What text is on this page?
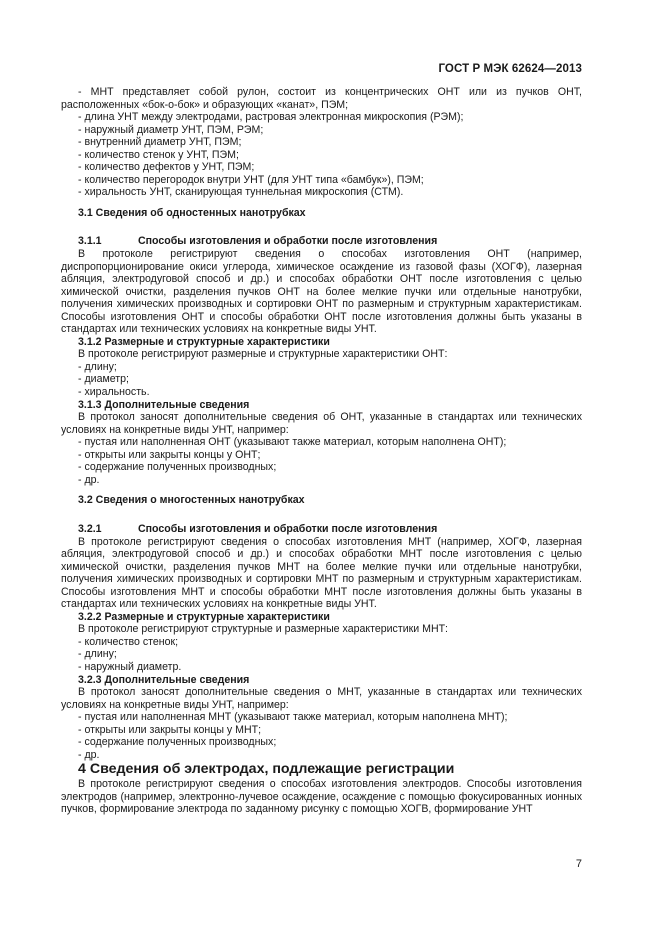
ГОСТ Р МЭК 62624—2013

- МНТ представляет собой рулон, состоит из концентрических ОНТ или из пучков ОНТ, расположенных «бок-о-бок» и образующих «канат», ПЭМ;

- длина УНТ между электродами, растровая электронная микроскопия (РЭМ);

- наружный диаметр УНТ, ПЭМ, РЭМ;

- внутренний диаметр УНТ, ПЭМ;

- количество стенок у УНТ, ПЭМ;

- количество дефектов у УНТ, ПЭМ;

- количество перегородок внутри УНТ (для УНТ типа «бамбук»), ПЭМ;

- хиральность УНТ, сканирующая туннельная микроскопия (СТМ).

3.1 Сведения об одностенных нанотрубках

3.1.1	Способы изготовления и обработки после изготовления

В протоколе регистрируют сведения о способах изготовления ОНТ (например, диспропорционирование окиси углерода, химическое осаждение из газовой фазы (ХОГФ), лазерная абляция, электродуговой способ и др.) и способах обработки ОНТ после изготовления с целью химической очистки, разделения пучков ОНТ на более мелкие пучки или отдельные нанотрубки, получения химических производных и сортировки ОНТ по размерным и структурным характеристикам. Способы изготовления ОНТ и способы обработки ОНТ после изготовления должны быть указаны в стандартах или технических условиях на конкретные виды УНТ.

3.1.2 Размерные и структурные характеристики

В протоколе регистрируют размерные и структурные характеристики ОНТ:

- длину;

- диаметр;

- хиральность.

3.1.3 Дополнительные сведения

В протокол заносят дополнительные сведения об ОНТ, указанные в стандартах или технических условиях на конкретные виды УНТ, например:

- пустая или наполненная ОНТ (указывают также материал, которым наполнена ОНТ);

- открыты или закрыты концы у ОНТ;

- содержание полученных производных;

- др.

3.2 Сведения о многостенных нанотрубках

3.2.1	Способы изготовления и обработки после изготовления

В протоколе регистрируют сведения о способах изготовления МНТ (например, ХОГФ, лазерная абляция, электродуговой способ и др.) и способах обработки МНТ после изготовления с целью химической очистки, разделения пучков МНТ на более мелкие пучки или отдельные нанотрубки, получения химических производных и сортировки МНТ по размерным и структурным характеристикам. Способы изготовления МНТ и способы обработки МНТ после изготовления должны быть указаны в стандартах или технических условиях на конкретные виды УНТ.

3.2.2 Размерные и структурные характеристики

В протоколе регистрируют структурные и размерные характеристики МНТ:

- количество стенок;

- длину;

- наружный диаметр.

3.2.3 Дополнительные сведения

В протокол заносят дополнительные сведения о МНТ, указанные в стандартах или технических условиях на конкретные виды УНТ, например:

- пустая или наполненная МНТ (указывают также материал, которым наполнена МНТ);

- открыты или закрыты концы у МНТ;

- содержание полученных производных;

- др.

4 Сведения об электродах, подлежащие регистрации

В протоколе регистрируют сведения о способах изготовления электродов. Способы изготовления электродов (например, электронно-лучевое осаждение, осаждение с помощью фокусированных ионных пучков, формирование электрода по заданному рисунку с помощью ХОГВ, формирование УНТ

7
